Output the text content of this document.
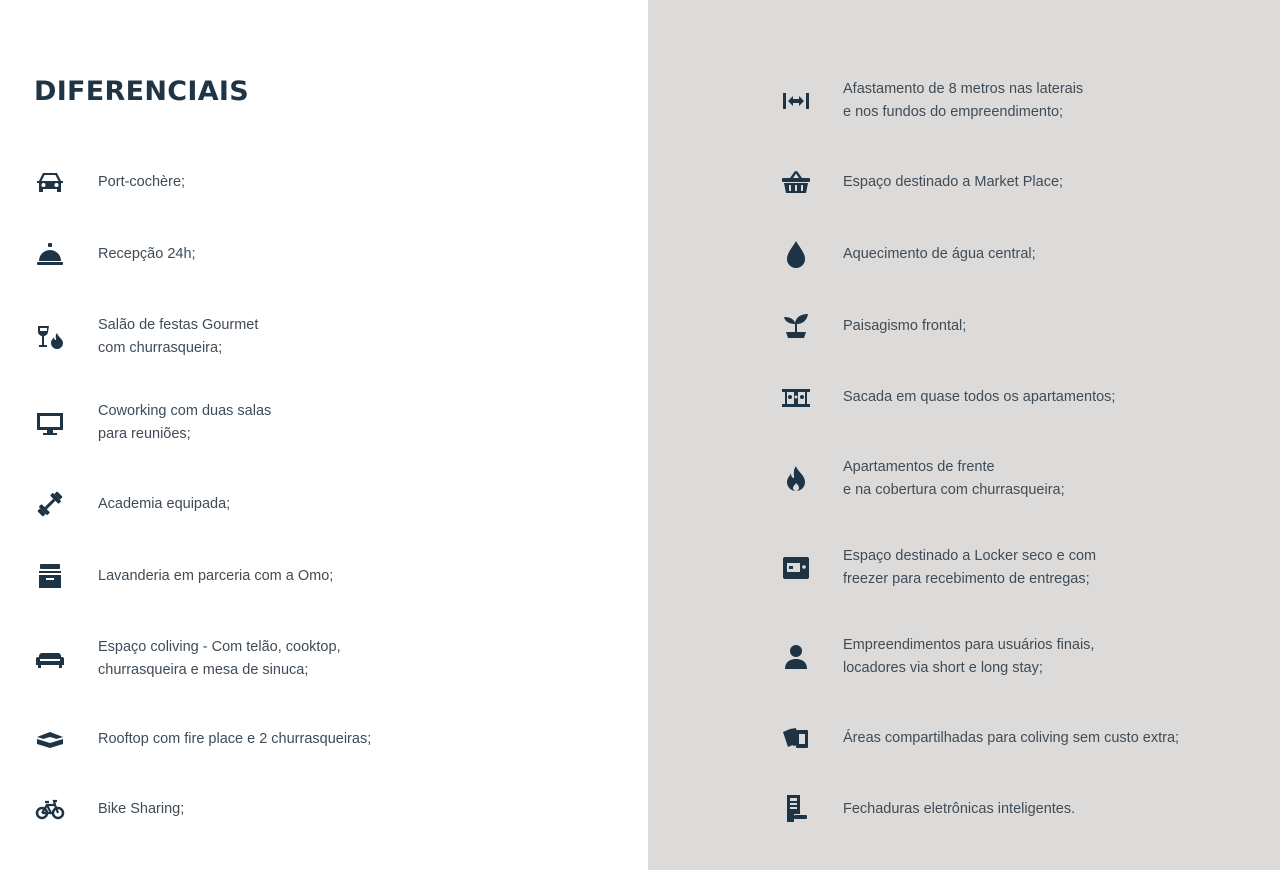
DIFERENCIAIS
Port-cochère;
Recepção 24h;
Salão de festas Gourmet
com churrasqueira;
Coworking com duas salas
para reuniões;
Academia equipada;
Lavanderia em parceria com a Omo;
Espaço coliving - Com telão, cooktop,
churrasqueira e mesa de sinuca;
Rooftop com fire place e 2 churrasqueiras;
Bike Sharing;
Afastamento de 8 metros nas laterais
e nos fundos do empreendimento;
Espaço destinado a Market Place;
Aquecimento de água central;
Paisagismo frontal;
Sacada em quase todos os apartamentos;
Apartamentos de frente
e na cobertura com churrasqueira;
Espaço destinado a Locker seco e com
freezer para recebimento de entregas;
Empreendimentos para usuários finais,
locadores via short e long stay;
Áreas compartilhadas para coliving sem custo extra;
Fechaduras eletrônicas inteligentes.
